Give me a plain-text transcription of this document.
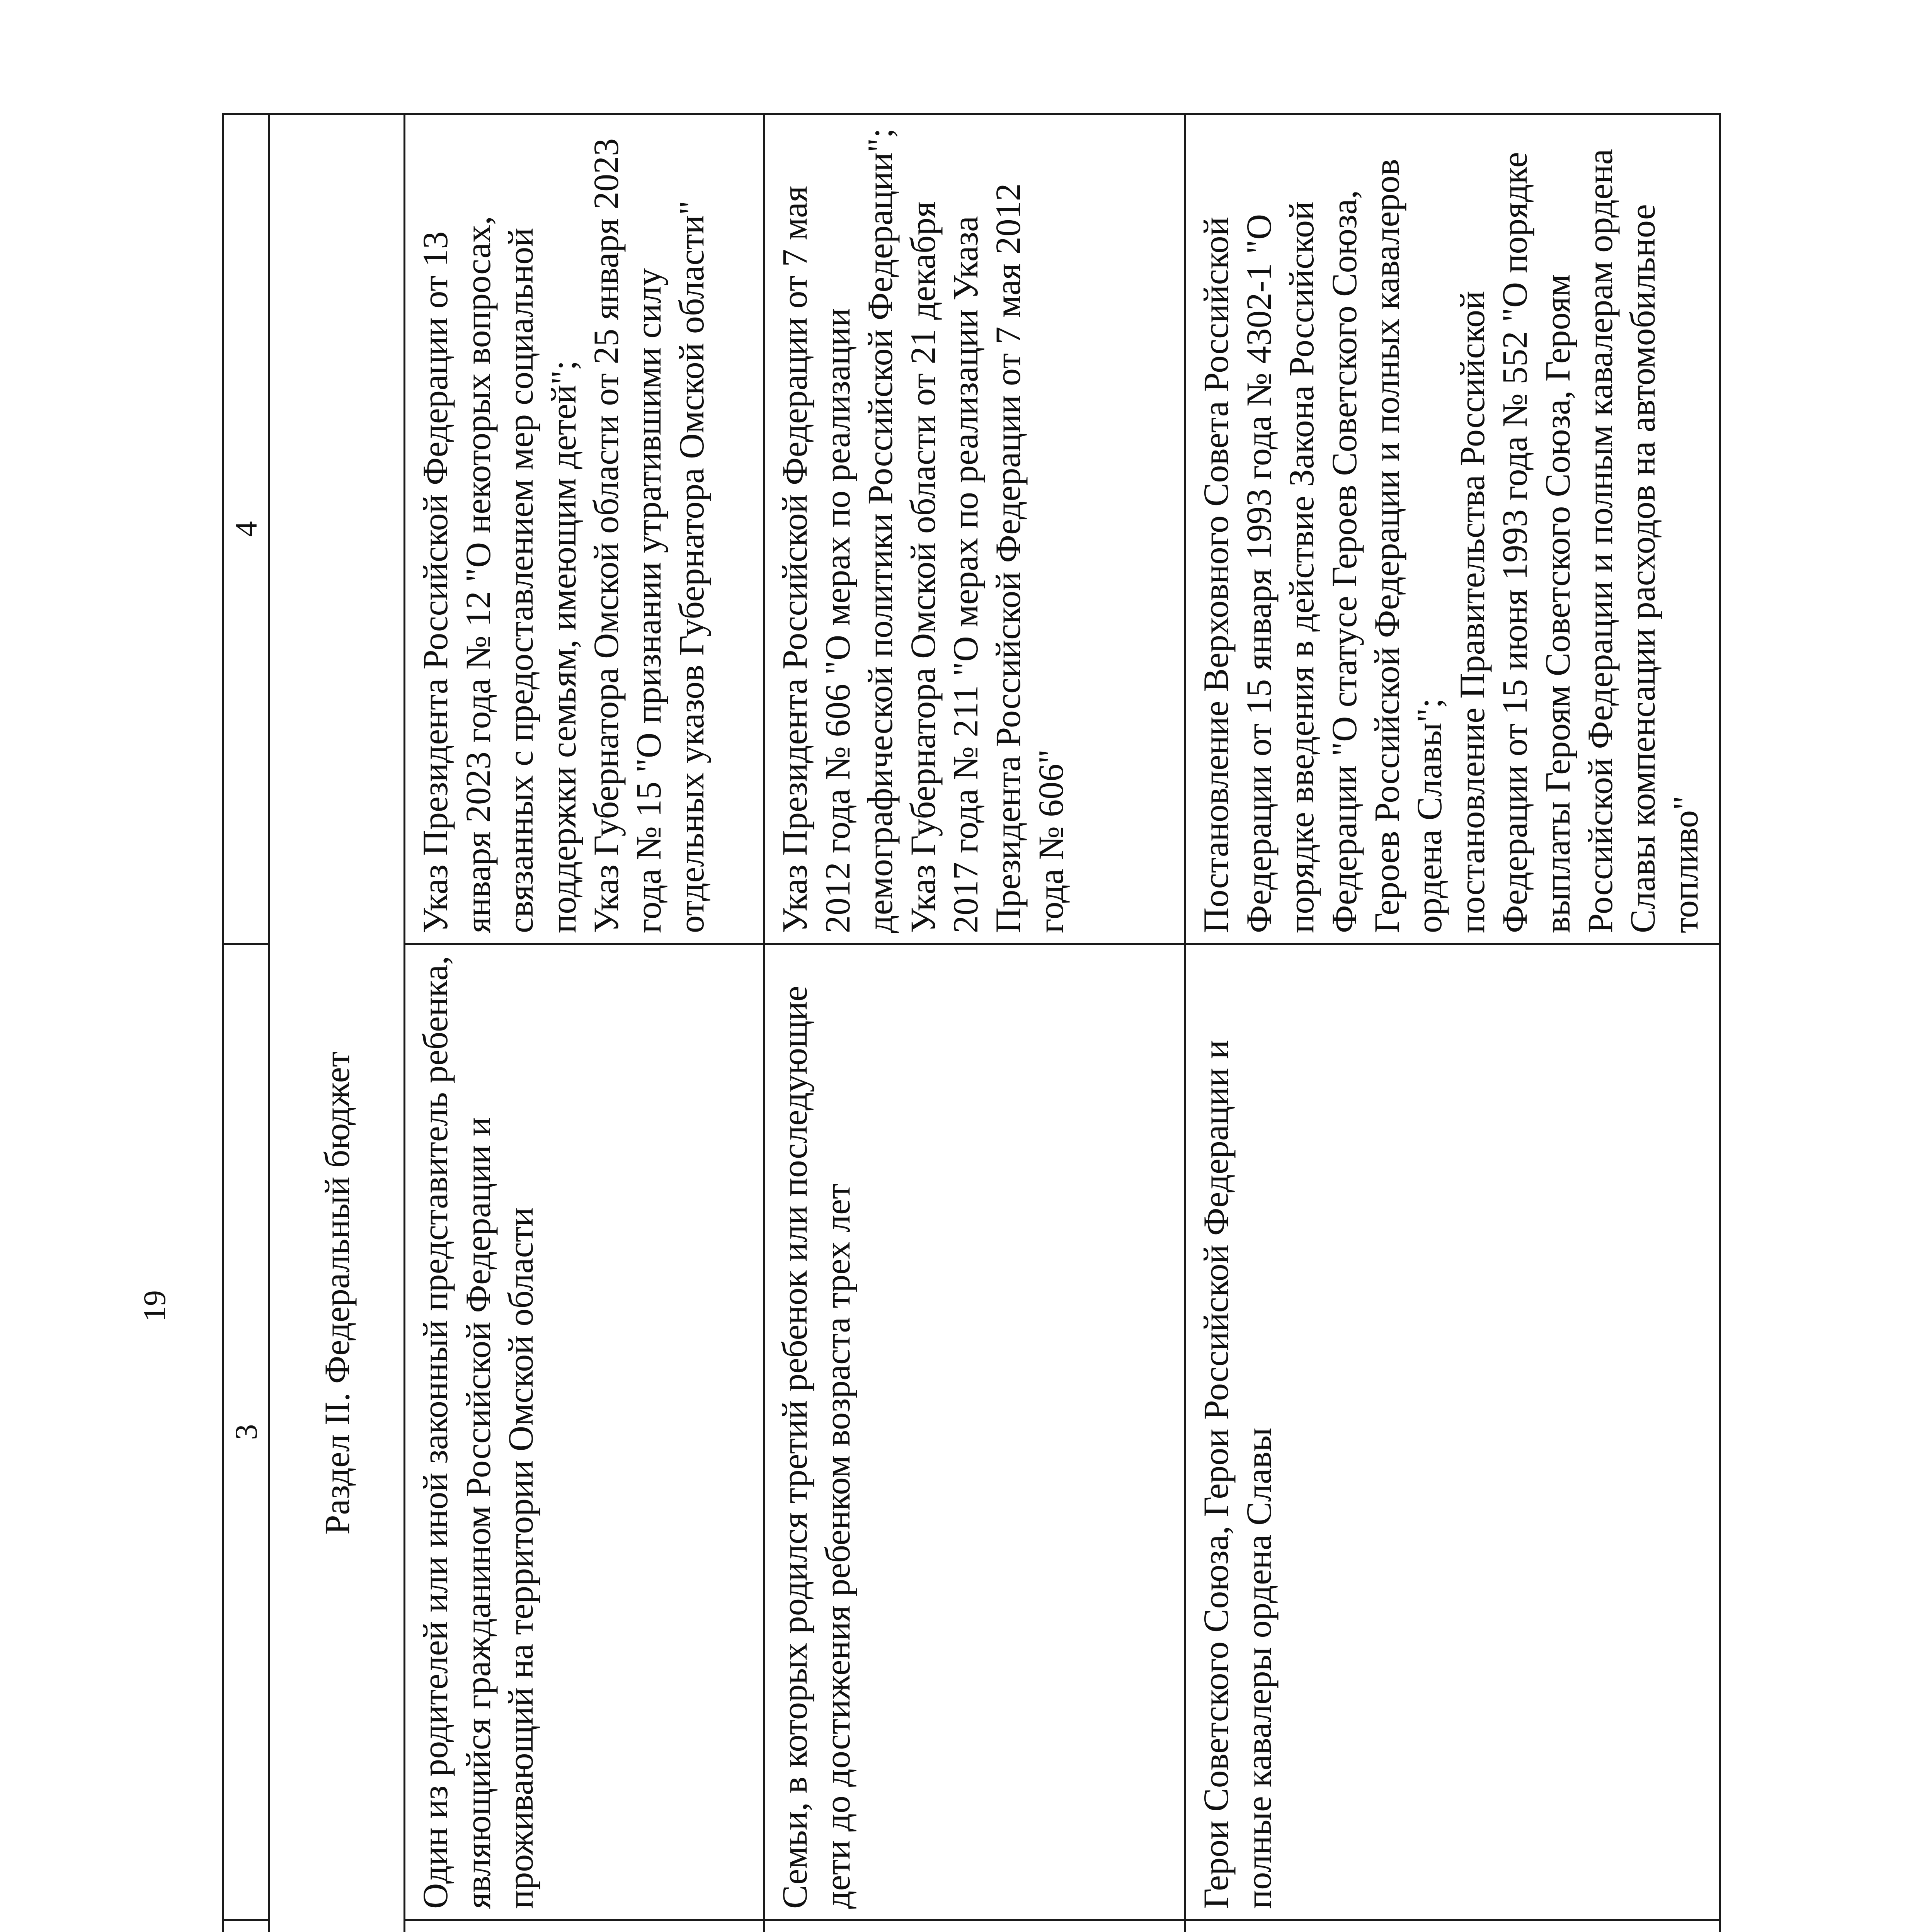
19
		3	4
Раздел II. Федеральный бюджет			
		Один из родителей или иной законный представитель ребенка, являющийся гражданином Российской Федерации и проживающий на территории Омской области	Указ Президента Российской Федерации от 13 января 2023 года № 12 "О некоторых вопросах, связанных с предоставлением мер социальной поддержки семьям, имеющим детей"; Указ Губернатора Омской области от 25 января 2023 года № 15 "О признании утратившими силу отдельных указов Губернатора Омской области"

		Семьи, в которых родился третий ребенок или последующие дети до достижения ребенком возраста трех лет	Указ Президента Российской Федерации от 7 мая 2012 года № 606 "О мерах по реализации демографической политики Российской Федерации"; Указ Губернатора Омской области от 21 декабря 2017 года № 211 "О мерах по реализации Указа Президента Российской Федерации от 7 мая 2012 года № 606"

		Герои Советского Союза, Герои Российской Федерации и полные кавалеры ордена Славы	Постановление Верховного Совета Российской Федерации от 15 января 1993 года № 4302-1 "О порядке введения в действие Закона Российской Федерации "О статусе Героев Советского Союза, Героев Российской Федерации и полных кавалеров ордена Славы"; постановление Правительства Российской Федерации от 15 июня 1993 года № 552 "О порядке выплаты Героям Советского Союза, Героям Российской Федерации и полным кавалерам ордена Славы компенсации расходов на автомобильное топливо"
